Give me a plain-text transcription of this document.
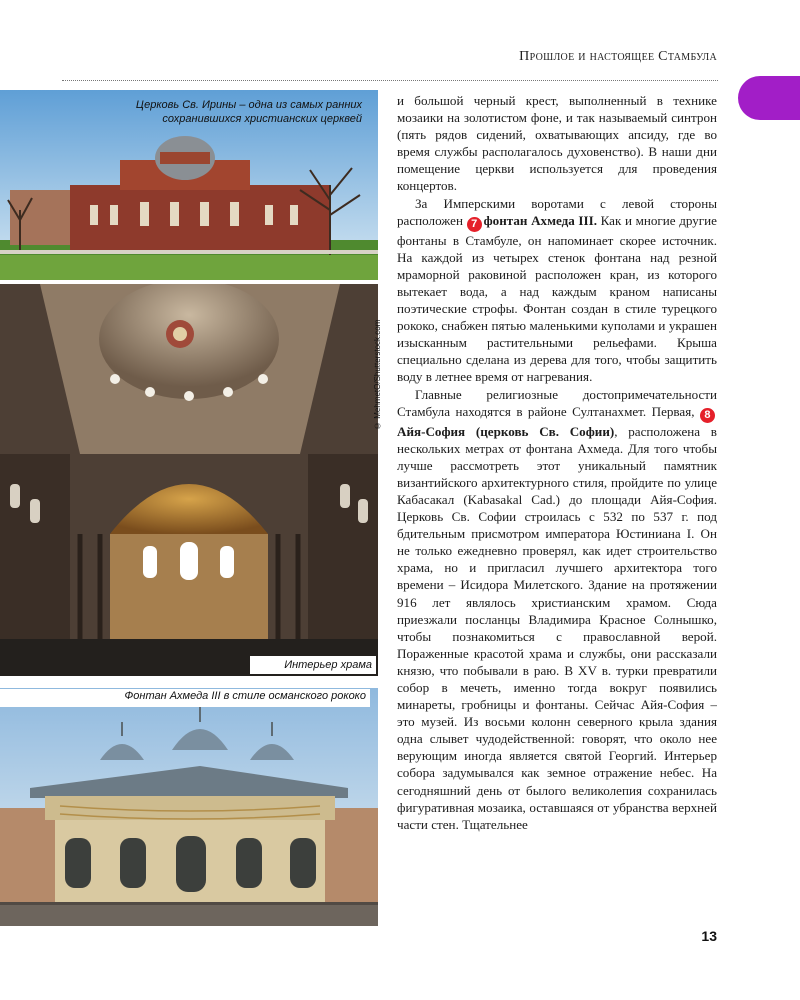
Прошлое и настоящее Стамбула
Церковь Св. Ирины – одна из самых ранних сохранившихся христианских церквей
© MehmetO/Shutterstock.com
Интерьер храма
Фонтан Ахмеда III в стиле османского рококо

и большой черный крест, выполненный в технике мозаики на золотистом фоне, и так называемый синтрон (пять рядов сидений, охватывающих апсиду, где во время службы располагалось духовенство). В наши дни помещение церкви используется для проведения концертов.

За Имперскими воротами с левой стороны расположен 7 фонтан Ахмеда III. Как и многие другие фонтаны в Стамбуле, он напоминает скорее источник. На каждой из четырех стенок фонтана над резной мраморной раковиной расположен кран, из которого вытекает вода, а над каждым краном написаны поэтические строфы. Фонтан создан в стиле турецкого рококо, снабжен пятью маленькими куполами и украшен изысканным растительными рельефами. Крыша специально сделана из дерева для того, чтобы защитить воду в летнее время от нагревания.

Главные религиозные достопримечательности Стамбула находятся в районе Султанахмет. Первая, 8Айя-София (церковь Св. Софии), расположена в нескольких метрах от фонтана Ахмеда. Для того чтобы лучше рассмотреть этот уникальный памятник византийского архитектурного стиля, пройдите по улице Кабасакал (Kabasakal Cad.) до площади Айя-София. Церковь Св. Софии строилась с 532 по 537 г. под бдительным присмотром императора Юстиниана I. Он не только ежедневно проверял, как идет строительство храма, но и пригласил лучшего архитектора того времени – Исидора Милетского. Здание на протяжении 916 лет являлось христианским храмом. Сюда приезжали посланцы Владимира Красное Солнышко, чтобы познакомиться с православной верой. Пораженные красотой храма и службы, они рассказали князю, что побывали в раю. В XV в. турки превратили собор в мечеть, именно тогда вокруг появились минареты, гробницы и фонтаны. Сейчас Айя-София – это музей. Из восьми колонн северного крыла здания одна слывет чудодейственной: говорят, что около нее верующим иногда является святой Георгий. Интерьер собора задумывался как земное отражение небес. На сегодняшний день от былого великолепия сохранилась фигуративная мозаика, оставшаяся от убранства верхней части стен. Тщательнее

13
